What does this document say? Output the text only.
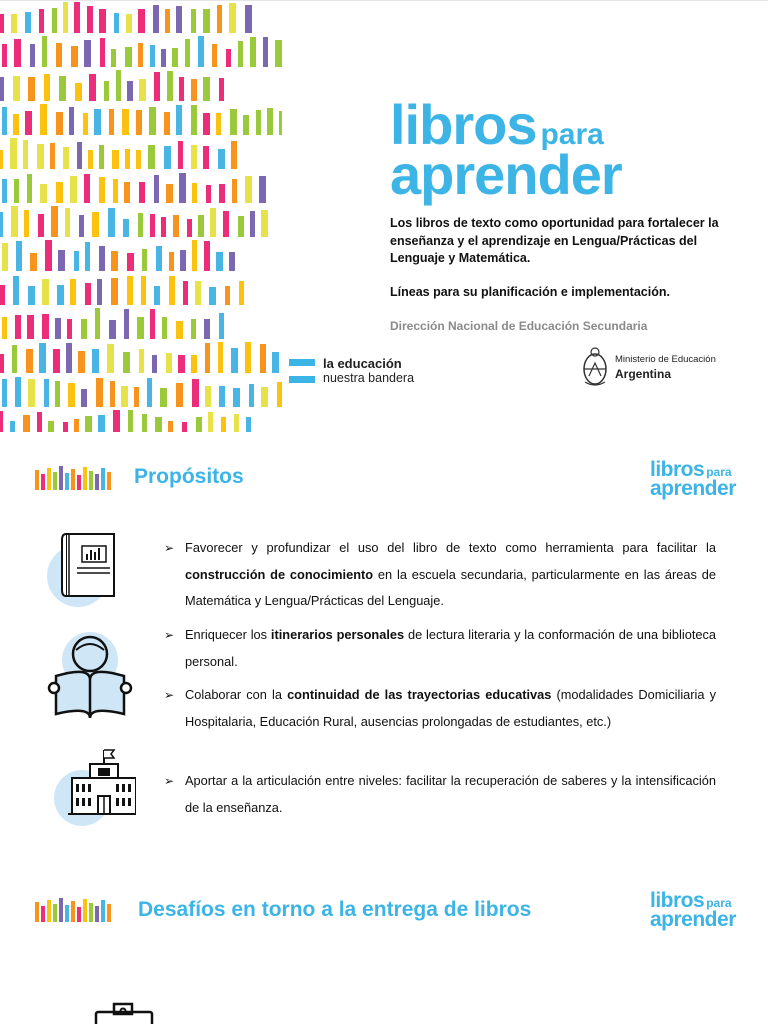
libros para
aprender

Los libros de texto como oportunidad para fortalecer la enseñanza y el aprendizaje en Lengua/Prácticas del Lenguaje y Matemática.

Líneas para su planificación e implementación.

Dirección Nacional de Educación Secundaria

la educación
nuestra bandera
Ministerio de Educación
Argentina
Propósitos	libros para
aprender

➢ Favorecer y profundizar el uso del libro de texto como herramienta para facilitar la construcción de conocimiento en la escuela secundaria, particularmente en las áreas de Matemática y Lengua/Prácticas del Lenguaje.

➢ Enriquecer los itinerarios personales de lectura literaria y la conformación de una biblioteca personal.

➢ Colaborar con la continuidad de las trayectorias educativas (modalidades Domiciliaria y Hospitalaria, Educación Rural, ausencias prolongadas de estudiantes, etc.)

➢ Aportar a la articulación entre niveles: facilitar la recuperación de saberes y la intensificación de la enseñanza.

Desafíos en torno a la entrega de libros	libros para
aprender
